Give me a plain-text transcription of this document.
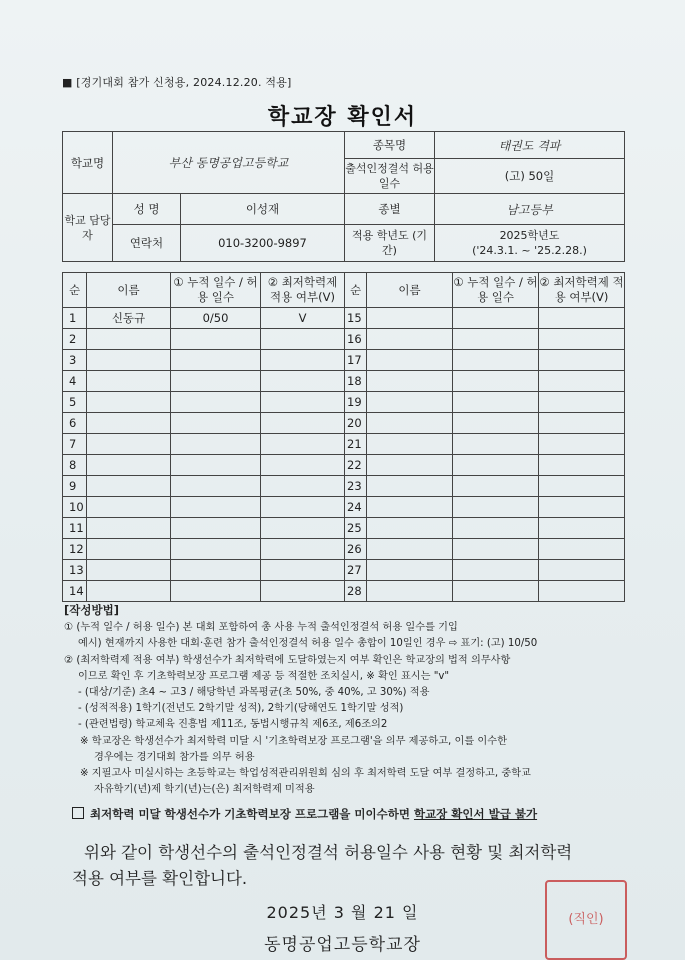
■ [경기대회 참가 신청용, 2024.12.20. 적용]
학교장 확인서
학교명	부산 동명공업고등학교		종목명	태권도 격파
			출석인정결석 허용 일수	(고) 50일
학교 담당자	성 명	이성재	종별	남고등부
	연락처	010-3200-9897	적용 학년도 (기간)	2025학년도
('24.3.1. ~ '25.2.28.)
순	이름	① 누적 일수 / 허용 일수	② 최저학력제 적용 여부(V)	순	이름	① 누적 일수 / 허용 일수	② 최저학력제 적용 여부(V)
1	신동규	0/50	V	15			
2				16			
3				17			
4				18			
5				19			
6				20			
7				21			
8				22			
9				23			
10				24			
11				25			
12				26			
13				27			
14				28			

[작성방법]

① (누적 일수 / 허용 일수) 본 대회 포함하여 총 사용 누적 출석인정결석 허용 일수를 기입

예시) 현재까지 사용한 대회·훈련 참가 출석인정결석 허용 일수 총합이 10일인 경우 ⇨ 표기: (고) 10/50

② (최저학력제 적용 여부) 학생선수가 최저학력에 도달하였는지 여부 확인은 학교장의 법적 의무사항

이므로 확인 후 기초학력보장 프로그램 제공 등 적절한 조치실시, ※ 확인 표시는 "v"

- (대상/기준) 초4 ~ 고3 / 해당학년 과목평균(초 50%, 중 40%, 고 30%) 적용

- (성적적용) 1학기(전년도 2학기말 성적), 2학기(당해연도 1학기말 성적)

- (관련법령) 학교체육 진흥법 제11조, 동법시행규칙 제6조, 제6조의2

※ 학교장은 학생선수가 최저학력 미달 시 '기초학력보장 프로그램'을 의무 제공하고, 이를 이수한

경우에는 경기대회 참가를 의무 허용

※ 지필고사 미실시하는 초등학교는 학업성적관리위원회 심의 후 최저학력 도달 여부 결정하고, 중학교

자유학기(년)제 학기(년)는(은) 최저학력제 미적용

최저학력 미달 학생선수가 기초학력보장 프로그램을 미이수하면 학교장 확인서 발급 불가

위와 같이 학생선수의 출석인정결석 허용일수 사용 현황 및 최저학력

적용 여부를 확인합니다.

2025년 3 월 21 일
동명공업고등학교장
(직인)
